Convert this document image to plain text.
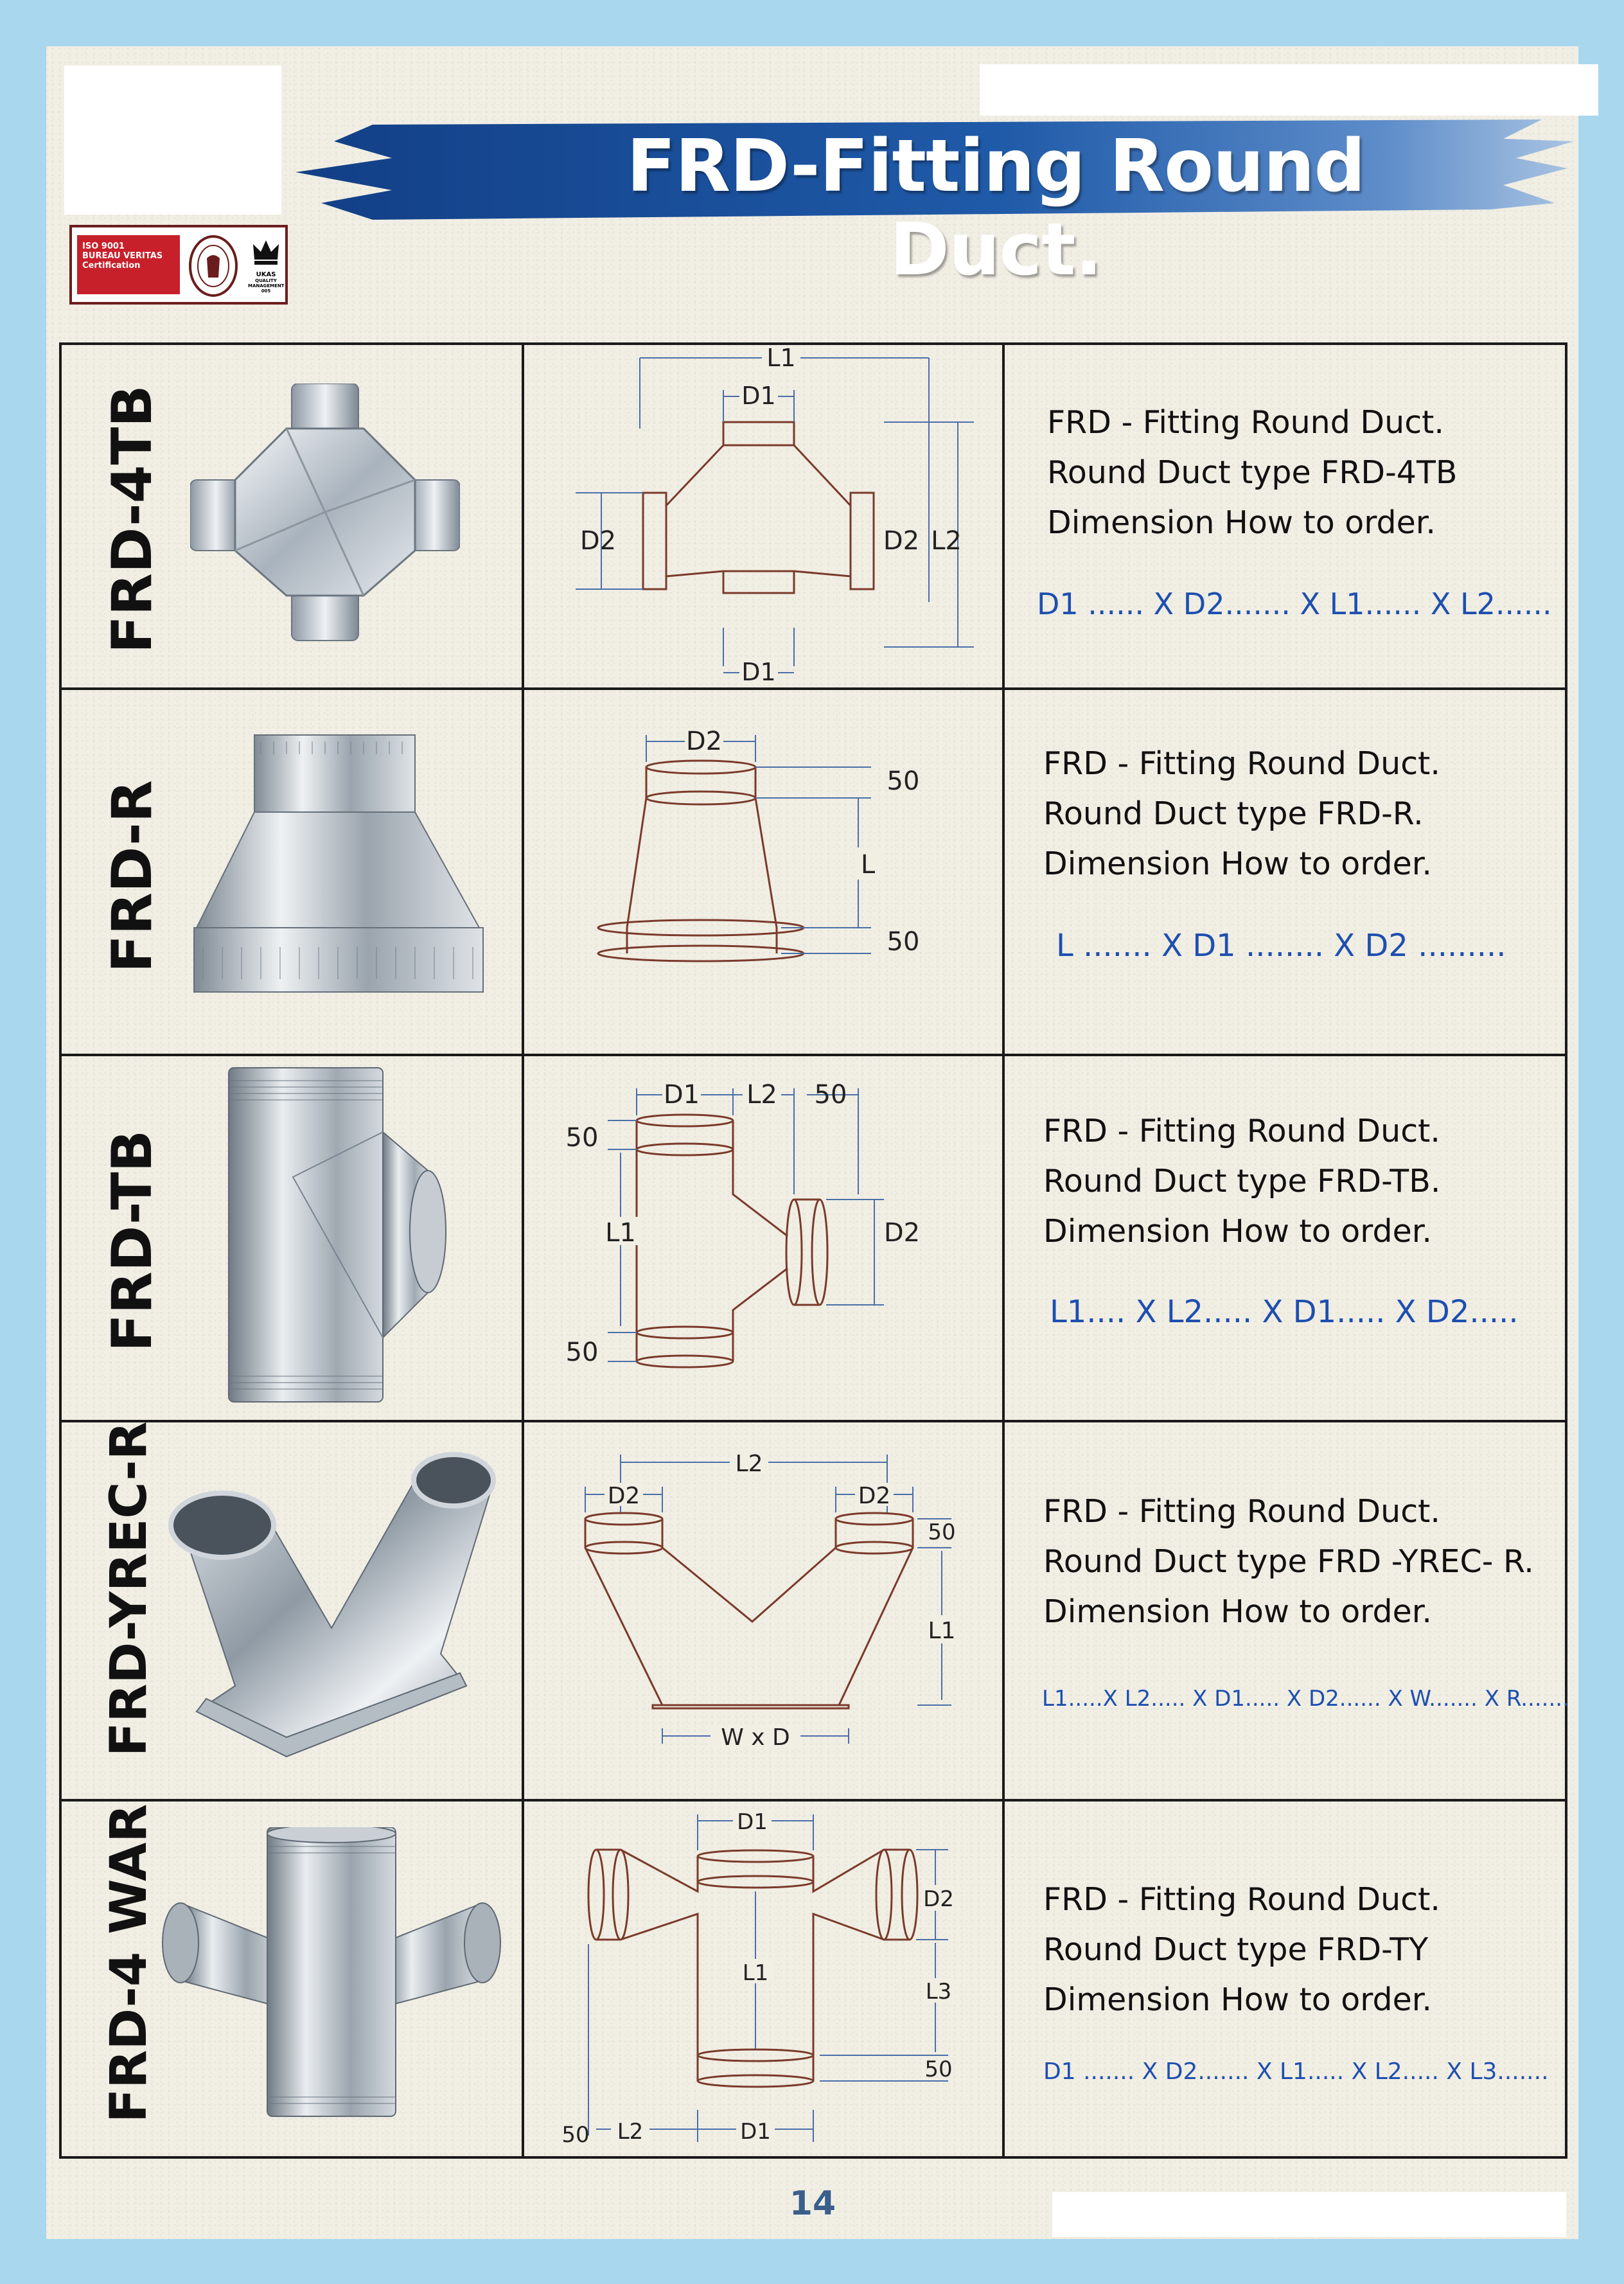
FRD-Fitting Round Duct.
ISO 9001
BUREAU VERITAS
Certification
UKAS
QUALITY MANAGEMENT
005
FRD-4TB
L1
D1
D2	D2 L2
D1
FRD - Fitting Round Duct.
Round Duct type FRD-4TB
Dimension How to order.
D1 ...... X D2....... X L1...... X L2......
FRD-R
D2
50
L
50
FRD - Fitting Round Duct.
Round Duct type FRD-R.
Dimension How to order.
L ....... X D1 ........ X D2 .........
FRD-TB
D1 L2 50
50
L1	D2
50
FRD - Fitting Round Duct.
Round Duct type FRD-TB.
Dimension How to order.
L1.... X L2..... X D1..... X D2.....
FRD-YREC-R	L2
D2	D2
50
L1
W x D
FRD - Fitting Round Duct.
Round Duct type FRD -YREC- R.
Dimension How to order.
L1.....X L2..... X D1..... X D2...... X W....... X R.......
FRD-4 WAR	D1
D2
L1
L3
50
50 L2	D1
FRD - Fitting Round Duct.
Round Duct type FRD-TY
Dimension How to order.
D1 ....... X D2....... X L1..... X L2..... X L3.......
14
